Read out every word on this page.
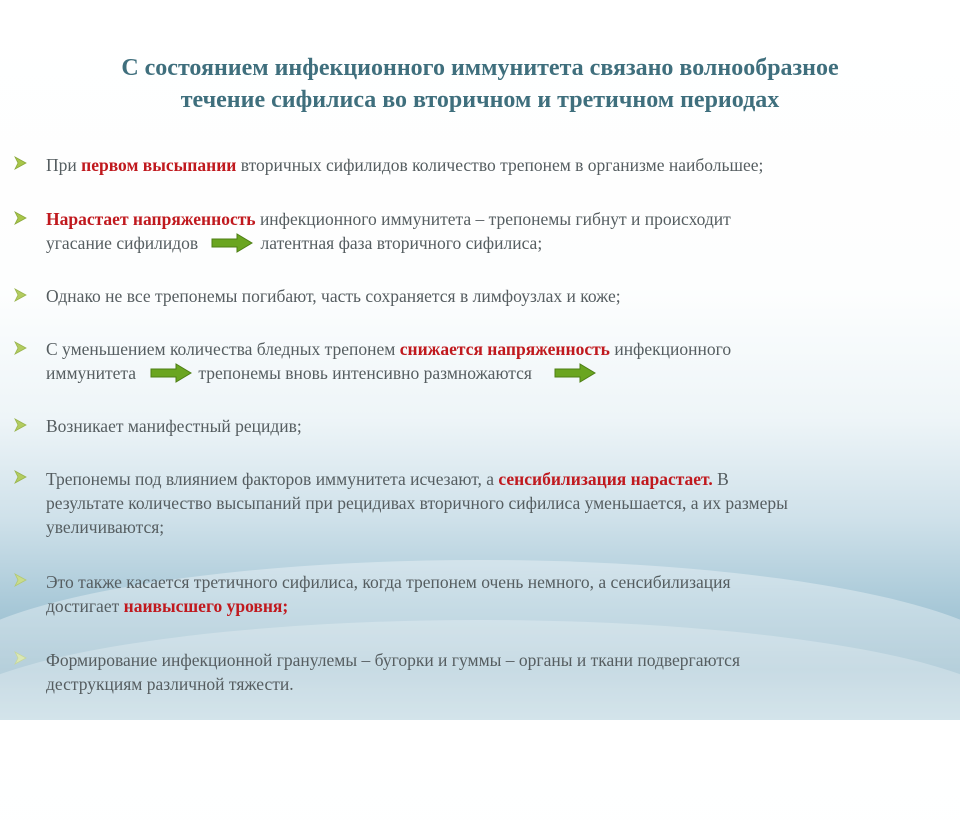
С состоянием инфекционного иммунитета связано волнообразное
течение сифилиса во вторичном и третичном периодах
При первом высыпании вторичных сифилидов количество трепонем в организме наибольшее;
Нарастает напряженность инфекционного иммунитета – трепонемы гибнут и происходит
угасание сифилидов	латентная фаза вторичного сифилиса;
Однако не все трепонемы погибают, часть сохраняется в лимфоузлах и коже;
С уменьшением количества бледных трепонем снижается напряженность инфекционного
иммунитета	трепонемы вновь интенсивно размножаются
Возникает манифестный рецидив;
Трепонемы под влиянием факторов иммунитета исчезают, а сенсибилизация нарастает. В
результате количество высыпаний при рецидивах вторичного сифилиса уменьшается, а их размеры
увеличиваются;
Это также касается третичного сифилиса, когда трепонем очень немного, а сенсибилизация
достигает наивысшего уровня;
Формирование инфекционной гранулемы – бугорки и гуммы – органы и ткани подвергаются
деструкциям различной тяжести.
